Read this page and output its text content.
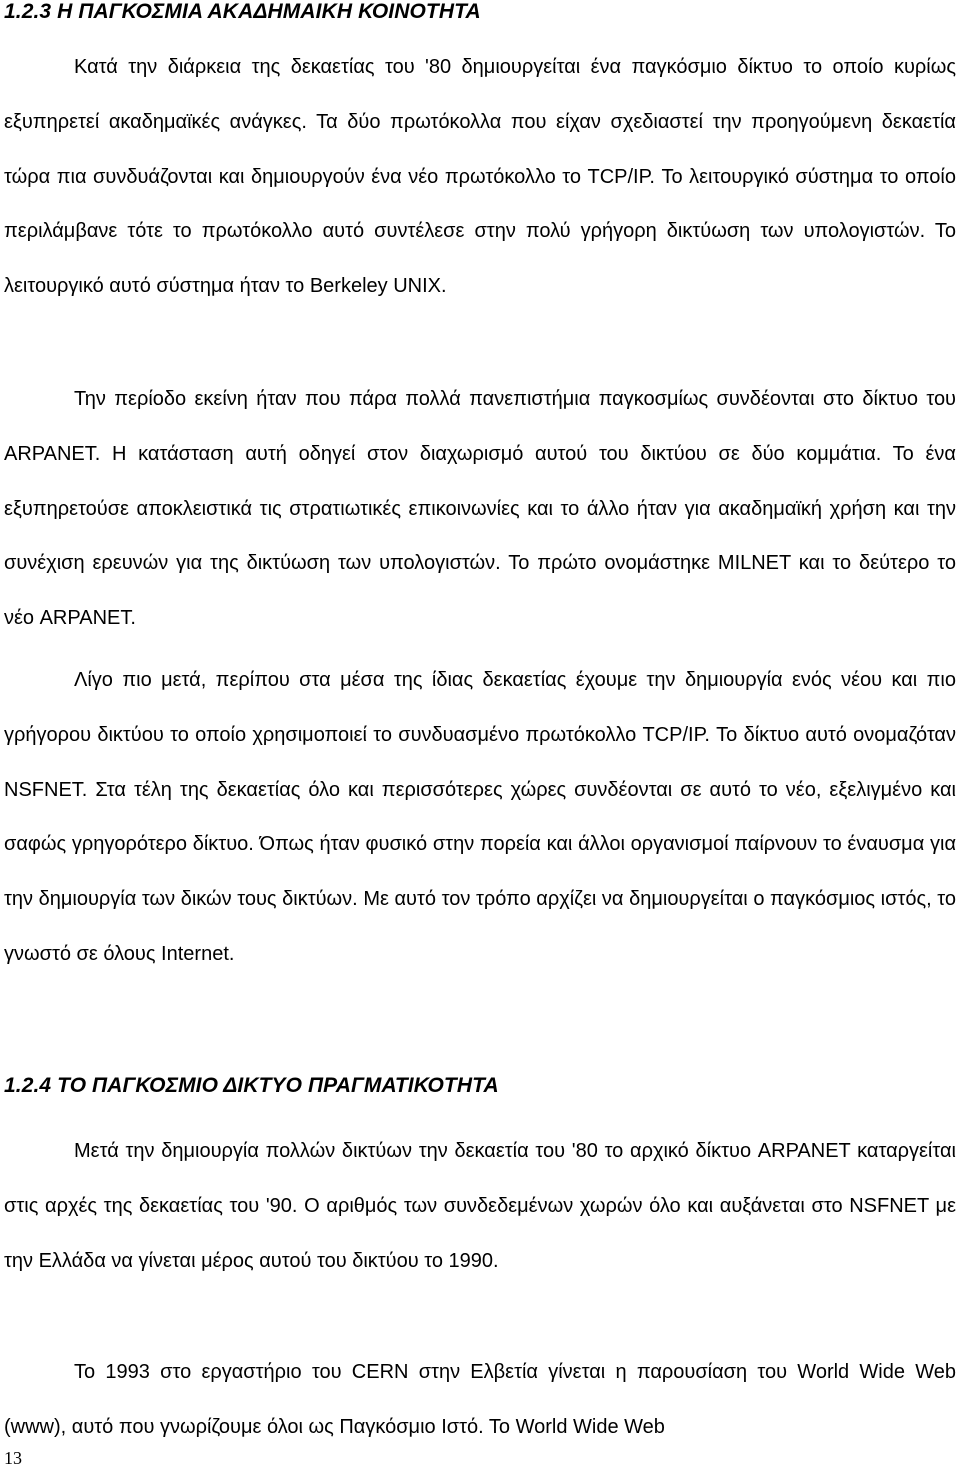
1.2.3 Η ΠΑΓΚΟΣΜΙΑ ΑΚΑΔΗΜΑΙΚΗ ΚΟΙΝΟΤΗΤΑ

Κατά την διάρκεια της δεκαετίας του '80 δημιουργείται ένα παγκόσμιο δίκτυο το οποίο κυρίως εξυπηρετεί ακαδημαϊκές ανάγκες. Τα δύο πρωτόκολλα που είχαν σχεδιαστεί την προηγούμενη δεκαετία τώρα πια συνδυάζονται και δημιουργούν ένα νέο πρωτόκολλο το TCP/IP. Το λειτουργικό σύστημα το οποίο περιλάμβανε τότε το πρωτόκολλο αυτό συντέλεσε στην πολύ γρήγορη δικτύωση των υπολογιστών. Το λειτουργικό αυτό σύστημα ήταν το Berkeley UNIX.

Την περίοδο εκείνη ήταν που πάρα πολλά πανεπιστήμια παγκοσμίως συνδέονται στο δίκτυο του ARPANET. Η κατάσταση αυτή οδηγεί στον διαχωρισμό αυτού του δικτύου σε δύο κομμάτια. Το ένα εξυπηρετούσε αποκλειστικά τις στρατιωτικές επικοινωνίες και το άλλο ήταν για ακαδημαϊκή χρήση και την συνέχιση ερευνών για της δικτύωση των υπολογιστών. Το πρώτο ονομάστηκε MILNET και το δεύτερο το νέο ARPANET.

Λίγο πιο μετά, περίπου στα μέσα της ίδιας δεκαετίας έχουμε την δημιουργία ενός νέου και πιο γρήγορου δικτύου το οποίο χρησιμοποιεί το συνδυασμένο πρωτόκολλο TCP/IP. Το δίκτυο αυτό ονομαζόταν NSFNET. Στα τέλη της δεκαετίας όλο και περισσότερες χώρες συνδέονται σε αυτό το νέο, εξελιγμένο και σαφώς γρηγορότερο δίκτυο. Όπως ήταν φυσικό στην πορεία και άλλοι οργανισμοί παίρνουν το έναυσμα για την δημιουργία των δικών τους δικτύων. Με αυτό τον τρόπο αρχίζει να δημιουργείται ο παγκόσμιος ιστός, το γνωστό σε όλους Internet.

1.2.4 ΤΟ ΠΑΓΚΟΣΜΙΟ ΔΙΚΤΥΟ ΠΡΑΓΜΑΤΙΚΟΤΗΤΑ

Μετά την δημιουργία πολλών δικτύων την δεκαετία του '80 το αρχικό δίκτυο ARPANET καταργείται στις αρχές της δεκαετίας του '90. Ο αριθμός των συνδεδεμένων χωρών όλο και αυξάνεται στο NSFNET με την Ελλάδα να γίνεται μέρος αυτού του δικτύου το 1990.

Το 1993 στο εργαστήριο του CERN στην Ελβετία γίνεται η παρουσίαση του World Wide Web (www), αυτό που γνωρίζουμε όλοι ως Παγκόσμιο Ιστό. Το World Wide Web

13
